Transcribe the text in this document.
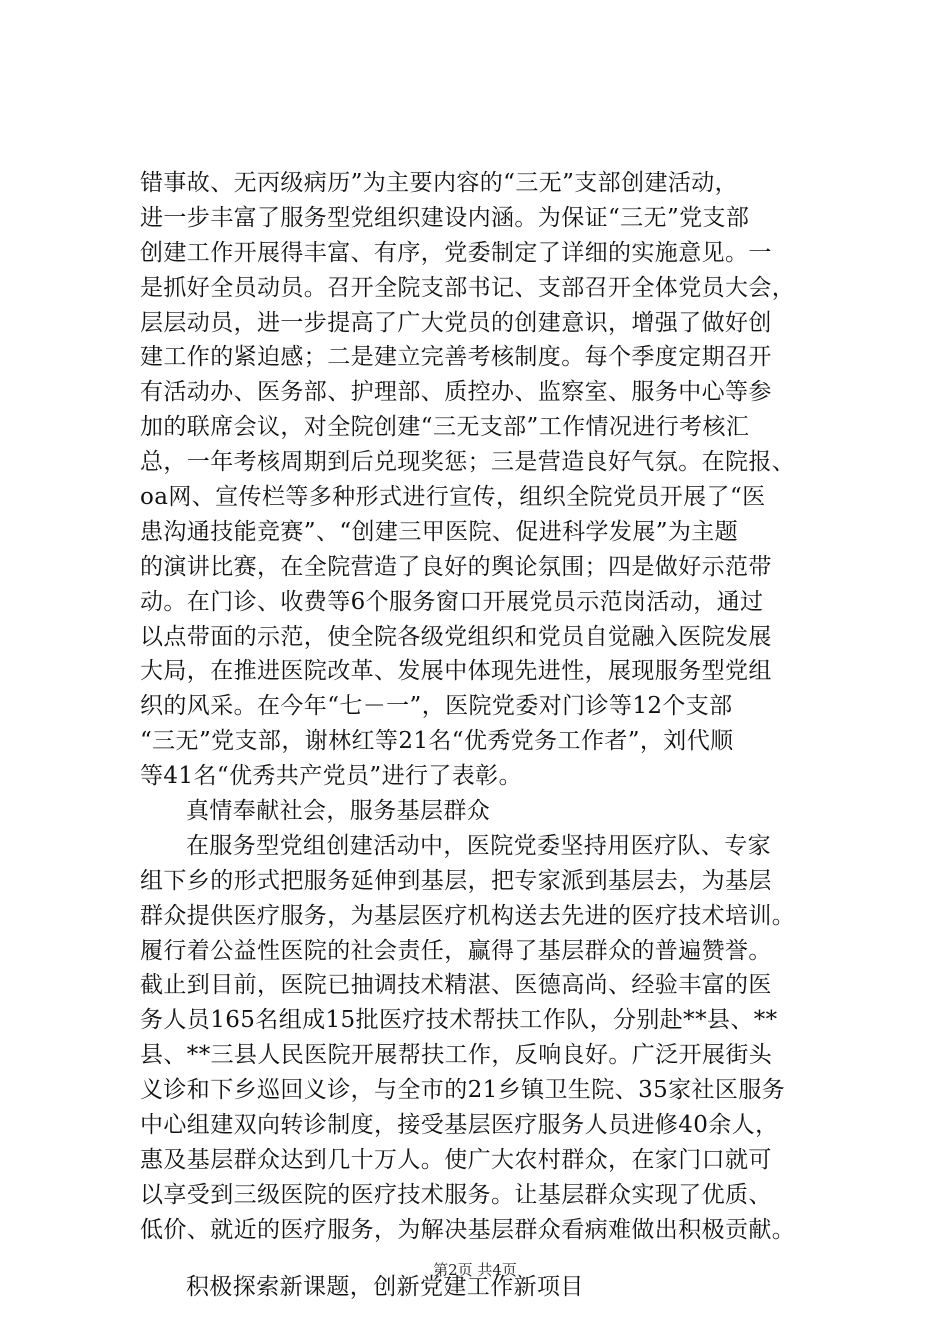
错事故、无丙级病历”为主要内容的“三无”支部创建活动，
进一步丰富了服务型党组织建设内涵。为保证“三无”党支部
创建工作开展得丰富、有序，党委制定了详细的实施意见。一
是抓好全员动员。召开全院支部书记、支部召开全体党员大会，
层层动员，进一步提高了广大党员的创建意识，增强了做好创
建工作的紧迫感；二是建立完善考核制度。每个季度定期召开
有活动办、医务部、护理部、质控办、监察室、服务中心等参
加的联席会议，对全院创建“三无支部”工作情况进行考核汇
总，一年考核周期到后兑现奖惩；三是营造良好气氛。在院报、
oa网、宣传栏等多种形式进行宣传，组织全院党员开展了“医
患沟通技能竞赛”、“创建三甲医院、促进科学发展”为主题
的演讲比赛，在全院营造了良好的舆论氛围；四是做好示范带
动。在门诊、收费等6个服务窗口开展党员示范岗活动，通过
以点带面的示范，使全院各级党组织和党员自觉融入医院发展
大局，在推进医院改革、发展中体现先进性，展现服务型党组
织的风采。在今年“七－一”，医院党委对门诊等12个支部
“三无”党支部，谢林红等21名“优秀党务工作者”，刘代顺
等41名“优秀共产党员”进行了表彰。
真情奉献社会，服务基层群众
在服务型党组创建活动中，医院党委坚持用医疗队、专家
组下乡的形式把服务延伸到基层，把专家派到基层去，为基层
群众提供医疗服务，为基层医疗机构送去先进的医疗技术培训。
履行着公益性医院的社会责任，赢得了基层群众的普遍赞誉。
截止到目前，医院已抽调技术精湛、医德高尚、经验丰富的医
务人员165名组成15批医疗技术帮扶工作队，分别赴**县、**
县、**三县人民医院开展帮扶工作，反响良好。广泛开展街头
义诊和下乡巡回义诊，与全市的21乡镇卫生院、35家社区服务
中心组建双向转诊制度，接受基层医疗服务人员进修40余人，
惠及基层群众达到几十万人。使广大农村群众，在家门口就可
以享受到三级医院的医疗技术服务。让基层群众实现了优质、
低价、就近的医疗服务，为解决基层群众看病难做出积极贡献。
积极探索新课题，创新党建工作新项目
第2页 共4页
